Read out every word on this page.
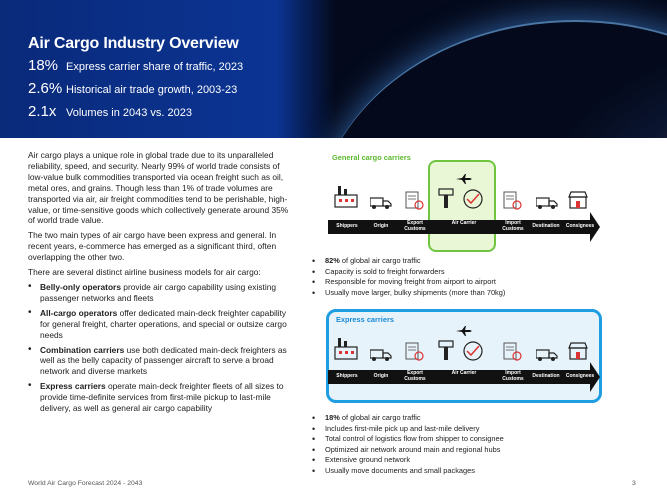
Air Cargo Industry Overview
18% Express carrier share of traffic, 2023
2.6% Historical air trade growth, 2003-23
2.1x Volumes in 2043 vs. 2023

Air cargo plays a unique role in global trade due to its unparalleled reliability, speed, and security. Nearly 99% of world trade consists of low-value bulk commodities transported via ocean freight such as oil, metal ores, and grains. Though less than 1% of trade volumes are transported via air, air freight commodities tend to be perishable, high-value, or time-sensitive goods which collectively generate around 35% of world trade value.

The two main types of air cargo have been express and general. In recent years, e-commerce has emerged as a significant third, often overlapping the other two.

There are several distinct airline business models for air cargo:

• Belly-only operators provide air cargo capability using existing passenger networks and fleets
• All-cargo operators offer dedicated main-deck freighter capability for general freight, charter operations, and special or outsize cargo needs
• Combination carriers use both dedicated main-deck freighters as well as the belly capacity of passenger aircraft to serve a broad network and diverse markets
• Express carriers operate main-deck freighter fleets of all sizes to provide time-definite services from first-mile pickup to last-mile delivery, as well as general air cargo capability
General cargo carriers
Shippers	Origin	Export Customs
Air Carrier	Import Customs	Destination	Consignees
• 82% of global air cargo traffic
• Capacity is sold to freight forwarders
• Responsible for moving freight from airport to airport
• Usually move larger, bulky shipments (more than 70kg)
Express carriers
Shippers	Origin	Export Customs
Air Carrier	Import Customs	Destination	Consignees
• 18% of global air cargo traffic
• Includes first-mile pick up and last-mile delivery
• Total control of logistics flow from shipper to consignee
• Optimized air network around main and regional hubs
• Extensive ground network
• Usually move documents and small packages
World Air Cargo Forecast 2024 - 2043	3
